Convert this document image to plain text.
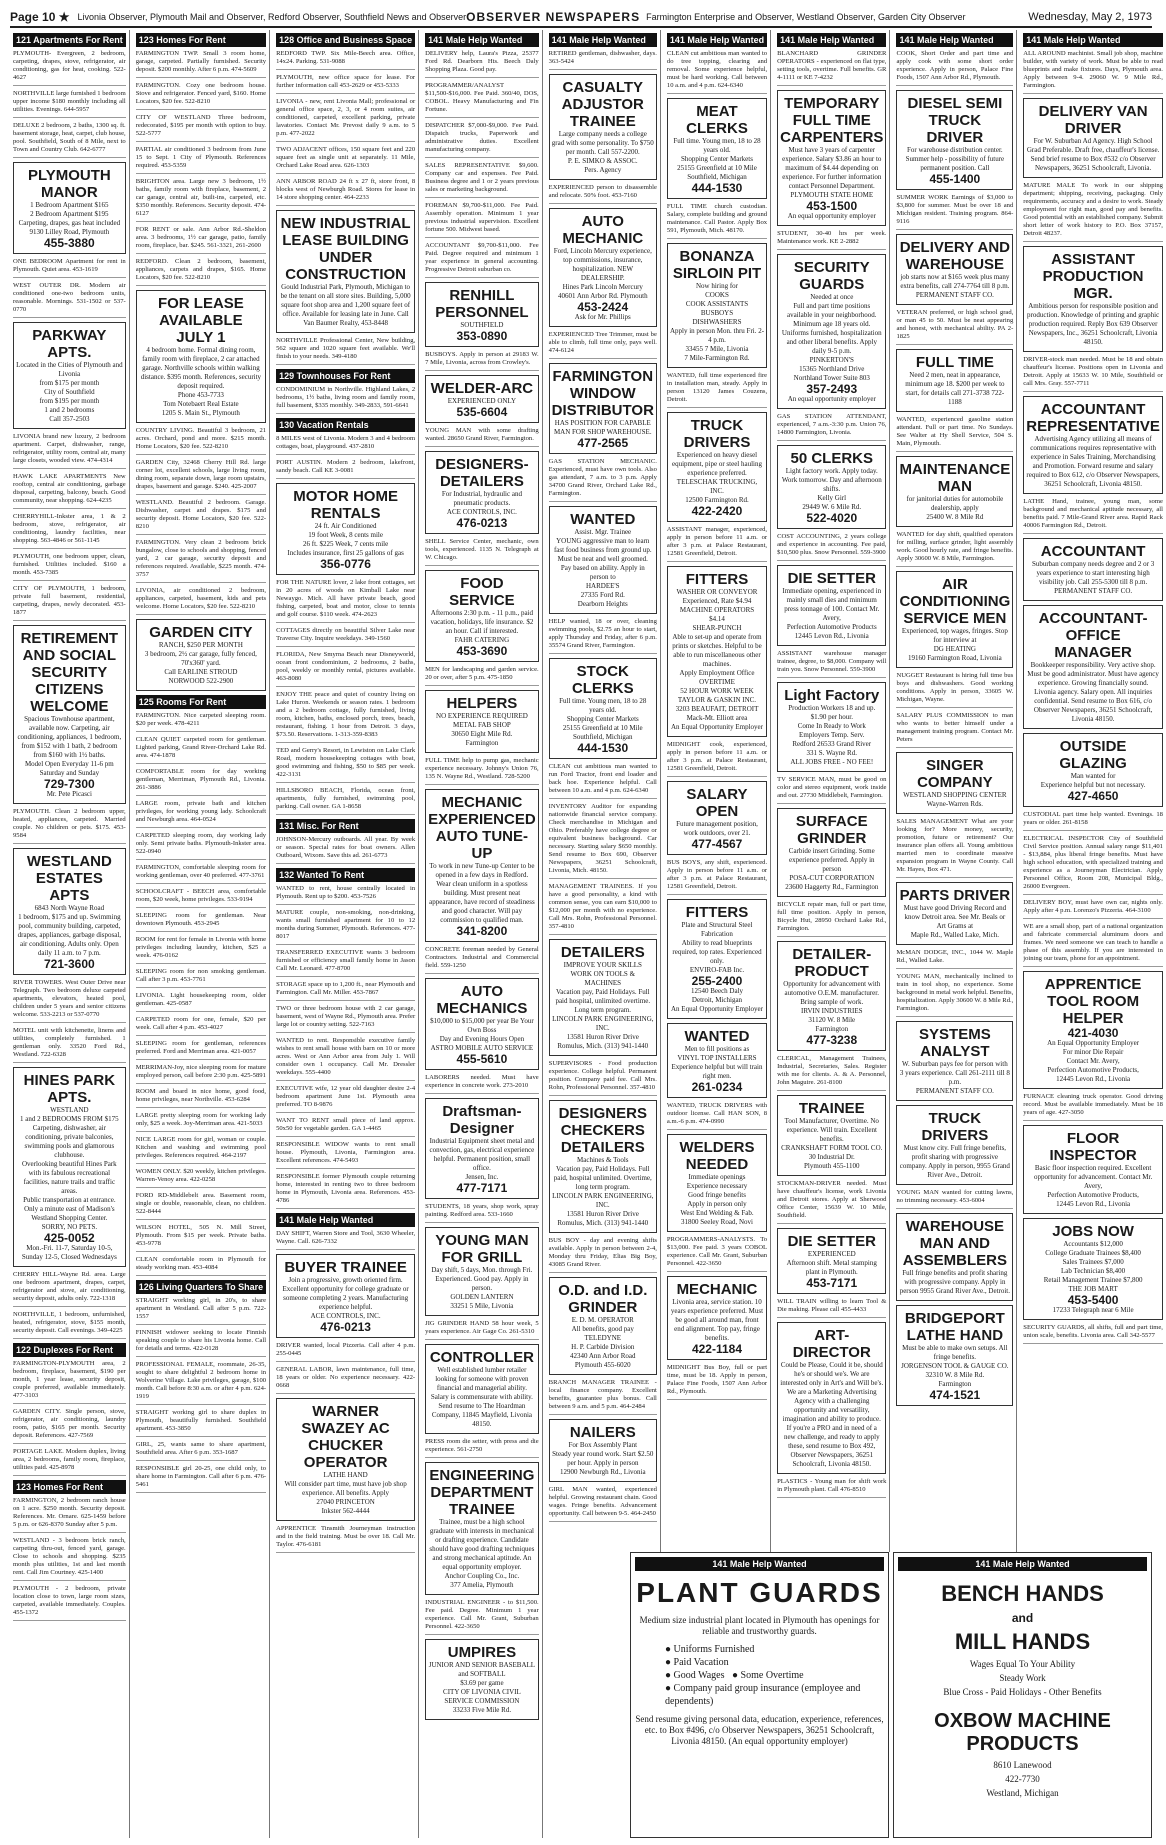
Page 10 ★ Livonia Observer, Plymouth Mail and Observer, Redford Observer, Southfield News and Observer OBSERVER NEWSPAPERS Farmington Enterprise and Observer, Westland Observer, Garden City Observer	Wednesday, May 2, 1973
121 Apartments For Rent
PLYMOUTH- Evergreen, 2 bedroom, carpeting, drapes, stove, refrigerator, air conditioning, gas for heat, cooking. 522-4627
NORTHVILLE large furnished 1 bedroom upper income $180 monthly including all utilities. Evenings. 644-5957
DELUXE 2 bedroom, 2 baths, 1300 sq. ft. basement storage, heat, carpet, club house, pool. Southfield, South of 8 Mile, next to Town and Country Club. 642-6777
PLYMOUTH MANOR
1 Bedroom Apartment $165
2 Bedroom Apartment $195
Carpeting, drapes, gas heat included
9130 Lilley Road, Plymouth
455-3880
ONE BEDROOM Apartment for rent in Plymouth. Quiet area. 453-1619
WEST OUTER DR. Modern air conditioned one-two bedroom units, reasonable. Mornings. 531-1502 or 537-0770
PARKWAY APTS.
Located in the Cities of Plymouth and Livonia
from $175 per month
City of Southfield
from $195 per month
1 and 2 bedrooms
Call 357-2503
LIVONIA brand new luxury, 2 bedroom apartment. Carpet, dishwasher, range, refrigerator, utility room, central air, many large closets, wooded view. 474-4314
HAWK LAKE APARTMENTS New rooftop, central air conditioning, garbage disposal, carpeting, balcony, beach. Good community, near shopping. 624-4235
CHERRYHILL-Inkster area, 1 & 2 bedroom, stove, refrigerator, air conditioning, laundry facilities, near shopping. 563-4846 or 561-1145
PLYMOUTH, one bedroom upper, clean, furnished. Utilities included. $160 a month. 453-7385
CITY OF PLYMOUTH, 1 bedroom, private full basement, residential, carpeting, drapes, newly decorated. 453-1877
RETIREMENT AND SOCIAL SECURITY CITIZENS WELCOME
Spacious Townhouse apartment, available now. Carpeting, air conditioning, appliances, 1 bedroom, from $152 with 1 bath, 2 bedroom from $160 with 1½ baths.
Model Open Everyday 11-6 pm
Saturday and Sunday
729-7300
Mr. Pete Picasci
PLYMOUTH. Clean 2 bedroom upper, heated, appliances, carpeted. Married couple. No children or pets. $175. 453-9584
WESTLAND ESTATES APTS
6843 North Wayne Road
1 bedroom, $175 and up. Swimming pool, community building, carpeted, drapes, appliances, garbage disposal, air conditioning. Adults only. Open daily 11 a.m. to 7 p.m.
721-3600
RIVER TOWERS. West Outer Drive near Telegraph. Two bedroom deluxe carpeted apartments, elevators, heated pool, children under 5 years and senior citizens welcome. 533-2213 or 537-0770
MOTEL unit with kitchenette, linens and utilities, completely furnished. 1 gentleman only. 33520 Ford Rd., Westland. 722-6328
HINES PARK APTS.
WESTLAND
1 and 2 BEDROOMS FROM $175
Carpeting, dishwasher, air conditioning, private balconies, swimming pools and glamorous clubhouse.
Overlooking beautiful Hines Park with its fabulous recreational facilities, nature trails and traffic areas.
Public transportation at entrance. Only a minute east of Madison's Westland Shopping Center.
SORRY, NO PETS.
425-0052
Mon.-Fri. 11-7, Saturday 10-5, Sunday 12-5, Closed Wednesdays
CHERRY HILL-Wayne Rd. area. Large one bedroom apartment, drapes, carpet, refrigerator and stove, air conditioning, security deposit, adults only. 722-1318
NORTHVILLE, 1 bedroom, unfurnished, heated, refrigerator, stove, $155 month, security deposit. Call evenings. 349-4225
122 Duplexes For Rent
FARMINGTON-PLYMOUTH area, 2 bedroom, fireplace, basement, $190 per month, 1 year lease, security deposit, couple preferred, available immediately. 477-3103
GARDEN CITY. Single person, stove, refrigerator, air conditioning, laundry room, patio, $165 per month. Security deposit. References. 427-7569
PORTAGE LAKE. Modern duplex, living area, 2 bedrooms, family room, fireplace, utilities paid. 425-8978
123 Homes For Rent
FARMINGTON, 2 bedroom ranch house on 1 acre. $250 month. Security deposit. References. Mr. Ornare. 625-1459 before 5 p.m. or 626-8370 Sunday after 5 p.m.
WESTLAND - 3 bedroom brick ranch, carpeting thru-out, fenced yard, garage. Close to schools and shopping. $235 month plus utilities, 1st and last month rent. Call Jim Courtney. 425-1400
PLYMOUTH - 2 bedroom, private location close to town, large room sizes, carpeted, available immediately. Couples. 455-1372
123 Homes For Rent
FARMINGTON TWP. Small 3 room home, garage, carpeted. Partially furnished. Security deposit. $200 monthly. After 6 p.m. 474-5609
FARMINGTON. Cozy one bedroom house. Stove and refrigerator. Fenced yard, $160. Home Locators, $20 fee. 522-8210
CITY OF WESTLAND Three bedroom, redecorated, $195 per month with option to buy. 522-5777
PARTIAL air conditioned 3 bedroom from June 15 to Sept. 1 City of Plymouth. References required. 453-5359
BRIGHTON area. Large new 3 bedroom, 1½ baths, family room with fireplace, basement, 2 car garage, central air, built-ins, carpeted, etc. $350 monthly. References. Security deposit. 474-6127
FOR RENT or sale. Ann Arbor Rd.-Sheldon area. 3 bedrooms, 1½ car garage, patio, family room, fireplace, bar. $245. 561-3321, 261-2600
REDFORD. Clean 2 bedroom, basement, appliances, carpets and drapes, $165. Home Locators, $20 fee. 522-8210
FOR LEASE AVAILABLE JULY 1
4 bedroom home. Formal dining room, family room with fireplace, 2 car attached garage. Northville schools within walking distance. $395 month. References, security deposit required.
Phone 453-7733
Tom Notebaert Real Estate
1205 S. Main St., Plymouth
COUNTRY LIVING. Beautiful 3 bedroom, 21 acres. Orchard, pond and more. $215 month. Home Locators, $20 fee. 522-8210
GARDEN City, 32468 Cherry Hill Rd. large corner lot, excellent schools, large living room, dining room, separate down, large room upstairs, drapes, basement and garage. $240. 425-2007
WESTLAND. Beautiful 2 bedroom. Garage. Dishwasher, carpet and drapes. $175 and security deposit. Home Locators, $20 fee. 522-8210
FARMINGTON. Very clean 2 bedroom brick bungalow, close to schools and shopping, fenced yard, 2 car garage, security deposit and references required. Available, $225 month. 474-3757
LIVONIA, air conditioned 2 bedroom, appliances, carpeted, basement, kids and pets welcome. Home Locators, $20 fee. 522-8210
GARDEN CITY
RANCH, $250 PER MONTH
3 bedroom, 2½ car garage, fully fenced, 70'x360' yard.
Call EARLINE STROUD
NORWOOD 522-2900
125 Rooms For Rent
FARMINGTON. Nice carpeted sleeping room. $20 per week. 478-4211
CLEAN QUIET carpeted room for gentleman. Lighted parking, Grand River-Orchard Lake Rd. area. 474-1878
COMFORTABLE room for day working gentleman, Merriman, Plymouth Rd., Livonia. 261-3886
LARGE room, private bath and kitchen privileges, for working young lady. Schoolcraft and Newburgh area. 464-0524
CARPETED sleeping room, day working lady only. Semi private baths. Plymouth-Inkster area. 522-0940
FARMINGTON, comfortable sleeping room for working gentleman, over 40 preferred. 477-3761
SCHOOLCRAFT - BEECH area, comfortable room, $20 week, home privileges. 533-9194
SLEEPING room for gentleman. Near downtown Plymouth. 453-2945
ROOM for rent for female in Livonia with home privileges including laundry, kitchen, $25 a week. 476-0162
SLEEPING room for non smoking gentleman. Call after 3 p.m. 453-7761
LIVONIA. Light housekeeping room, older gentleman. 425-0587
CARPETED room for one, female, $20 per week. Call after 4 p.m. 453-4027
SLEEPING room for gentleman, references preferred. Ford and Merriman area. 421-0057
MERRIMAN-Joy, nice sleeping room for mature employed person, call before 2:30 p.m. 425-5891
ROOM and board in nice home, good food, home privileges, near Northville. 453-6284
LARGE pretty sleeping room for working lady only, $25 a week. Joy-Merriman area. 421-5033
NICE LARGE room for girl, woman or couple. Kitchen and washing and swimming pool privileges. References required. 464-2197
WOMEN ONLY. $20 weekly, kitchen privileges. Warren-Venoy area. 422-0258
FORD RD-Middlebelt area. Basement room, single or double, reasonable, clean, no children. 522-8444
WILSON HOTEL, 505 N. Mill Street, Plymouth. From $15 per week. Private baths. 453-9778
CLEAN comfortable room in Plymouth for steady working man. 453-4084
126 Living Quarters To Share
STRAIGHT working girl, in 20's, to share apartment in Westland. Call after 5 p.m. 722-1557
FINNISH widower seeking to locate Finnish speaking couple to share his Livonia home. Call for details and terms. 422-0128
PROFESSIONAL FEMALE, roommate, 26-35, sought to share delightful 2 bedroom home in Wolverine Village. Lake privileges, garage, $100 month. Call before 8:30 a.m. or after 4 p.m. 624-1919
STRAIGHT working girl to share duplex in Plymouth, beautifully furnished. Southfield apartment. 453-3850
GIRL, 25, wants same to share apartment, Southfield area. After 6 p.m. 353-1687
RESPONSIBLE girl 20-25, one child only, to share home in Farmington. Call after 6 p.m. 476-5461
128 Office and Business Space
REDFORD TWP. Six Mile-Beech area. Office, 14x24. Parking. 531-9088
PLYMOUTH, new office space for lease. For further information call 453-2629 or 453-5333
LIVONIA - new, rent Livonia Mall; professional or general office space, 2, 3, or 4 room suites, air conditioned, carpeted, excellent parking, private lavatories. Contact Mr. Prevost daily 9 a.m. to 5 p.m. 477-2022
TWO ADJACENT offices, 150 square feet and 220 square feet as single unit at separately. 11 Mile, Orchard Lake Road area. 626-1303
ANN ARBOR ROAD 24 ft x 27 ft, store front, 8 blocks west of Newburgh Road. Stores for lease in 14 store shopping center. 464-2233
NEW INDUSTRIAL LEASE BUILDING UNDER CONSTRUCTION
Gould Industrial Park, Plymouth, Michigan to be the tenant on all store sites. Building, 5,000 square foot shop area and 1,200 square feet of office. Available for leasing late in June. Call Van Baumer Realty, 453-8448
NORTHVILLE Professional Center, New building, 562 square and 1020 square feet available. We'll finish to your needs. 349-4180
129 Townhouses For Rent
CONDOMINIUM in Northville. Highland Lakes, 2 bedrooms, 1½ baths, living room and family room, full basement, $335 monthly. 349-2833, 591-6641
130 Vacation Rentals
8 MILES west of Livonia. Modern 3 and 4 bedroom cottages, boat, playground. 437-2810
PORT AUSTIN. Modern 2 bedroom, lakefront, sandy beach. Call KE 3-0081
MOTOR HOME RENTALS
24 ft. Air Conditioned
19 foot Week, 8 cents mile
26 ft. $225 Week, 7 cents mile
Includes insurance, first 25 gallons of gas
356-0776
FOR THE NATURE lover, 2 lake front cottages, set in 20 acres of woods on Kimball Lake near Newaygo. Mich. All have private beach, good fishing, carpeted, boat and motor, close to tennis and golf course. $110 week. 474-2623
COTTAGES directly on beautiful Silver Lake near Traverse City. Inquire weekdays. 349-1560
FLORIDA, New Smyrna Beach near Disneyworld, ocean front condominium, 2 bedrooms, 2 baths, pool, weekly or monthly rental, pictures available. 463-8080
ENJOY THE peace and quiet of country living on Lake Huron. Weekends or season rates. 1 bedroom and a 2 bedroom cottage, fully furnished, living room, kitchen, baths, enclosed porch, trees, beach, restaurant, fishing. 1 hour from Detroit. 3 days, $73.50. Reservations. 1-313-359-8383
TED and Gerry's Resort, in Lewiston on Lake Clark Road, modern housekeeping cottages with boat, good swimming and fishing, $50 to $85 per week. 422-3131
HILLSBORO BEACH, Florida, ocean front, apartments, fully furnished, swimming pool, parking. Call owner. GA 1-8658
131 Misc. For Rent
JOHNSON-Mercury outboards. All year. By week or season. Special rates for boat owners. Allen Outboard, Wixom. Save this ad. 261-6773
132 Wanted To Rent
WANTED to rent, house centrally located in Plymouth. Rent up to $200. 453-7526
MATURE couple, non-smoking, non-drinking, wants small furnished apartment for 10 to 12 months during Summer, Plymouth. References. 477-8017
TRANSFERRED EXECUTIVE wants 3 bedroom furnished or efficiency small family home in Jason Call Mr. Leonard. 477-8700
STORAGE space up to 1,200 ft., near Plymouth and Farmington. Call Mr. Miller. 453-7867
TWO or three bedroom house with 2 car garage, basement, west of Wayne Rd., Plymouth area. Prefer large lot or country setting. 522-7163
WANTED to rent. Responsible executive family wishes to rent small house with barn on 10 or more acres. West or Ann Arbor area from July 1. Will consider own 1 occupancy. Call Mr. Dressler weekdays. 555-4400
EXECUTIVE wife, 12 year old daughter desire 2-4 bedroom apartment June 1st. Plymouth area preferred. TO 8-9876
WANT TO RENT small piece of land approx. 50x50 for vegetable garden. GA 1-4465
RESPONSIBLE WIDOW wants to rent small house. Plymouth, Livonia, Farmington area. Excellent references. 474-5493
RESPONSIBLE former Plymouth couple returning home, interested in renting two to three bedroom home in Plymouth, Livonia area. References. 453-4786
141 Male Help Wanted
DAY SHIFT, Warren Store and Tool, 3630 Wheeler, Wayne. Call. 626-7332
BUYER TRAINEE
Join a progressive, growth oriented firm. Excellent opportunity for college graduate or someone completing 2 years. Manufacturing experience helpful.
ACE CONTROLS, INC.
476-0213
DRIVER wanted, local Pizzeria. Call after 4 p.m. 255-0445
GENERAL LABOR, lawn maintenance, full time, 18 years or older. No experience necessary. 422-0668
WARNER SWAZEY AC CHUCKER OPERATOR
LATHE HAND
Will consider part time, must have job shop experience. All benefits. Apply
27040 PRINCETON
Inkster 562-4444
APPRENTICE Tinsmith Journeyman instruction and in the field training. Must be over 18. Call Mr. Taylor. 476-6181
141 Male Help Wanted
DELIVERY help, Laura's Pizza, 25377 Ford Rd. Dearborn Hts. Beech Daly Shopping Plaza. Good pay.
PROGRAMMER/ANALYST $11,500-$16,000. Fee Paid. 360/40, DOS, COBOL. Heavy Manufacturing and Fin Fortune.
DISPATCHER $7,000-$9,000. Fee Paid. Dispatch trucks, Paperwork and administrative duties. Excellent manufacturing company.
SALES REPRESENTATIVE $9,600. Company car and expenses. Fee Paid. Business degree and 1 or 2 years previous sales or marketing background.
FOREMAN $9,700-$11,000. Fee Paid. Assembly operation. Minimum 1 year previous industrial supervision. Excellent fortune 500. Midwest based.
ACCOUNTANT $9,700-$11,000. Fee Paid. Degree required and minimum 1 year experience in general accounting. Progressive Detroit suburban co.
RENHILL PERSONNEL
SOUTHFIELD
353-0890
BUSBOYS. Apply in person at 29183 W. 7 Mile, Livonia, across from Crowley's.
WELDER-ARC
EXPERIENCED ONLY
535-6604
YOUNG MAN with some drafting wanted. 28650 Grand River, Farmington.
DESIGNERS-DETAILERS
For Industrial, hydraulic and pneumatic products.
ACE CONTROLS, INC.
476-0213
SHELL Service Center, mechanic, own tools, experienced. 1135 N. Telegraph at W. Chicago.
FOOD SERVICE
Afternoons 2:30 p.m. - 11 p.m., paid vacation, holidays, life insurance. $2 an hour. Call if interested.
FAHR CATERING
453-3690
MEN for landscaping and garden service. 20 or over, after 5 p.m. 475-1850
HELPERS
NO EXPERIENCE REQUIRED
METAL FAB SHOP
30650 Eight Mile Rd.
Farmington
FULL TIME help to pump gas, mechanic experience necessary. Johnny's Union 76, 135 N. Wayne Rd., Westland. 728-5200
MECHANIC EXPERIENCED AUTO TUNE-UP
To work in new Tune-up Center to be opened in a few days in Redford. Wear clean uniform in a spotless building. Must present neat appearance, have record of steadiness and good character. Will pay commission to qualified man.
341-8200
CONCRETE foreman needed by General Contractors. Industrial and Commercial field. 559-1250
AUTO MECHANICS
$10,000 to $15,000 per year Be Your Own Boss
Day and Evening Hours Open
ASTRO MOBILE AUTO SERVICE
455-5610
LABORERS needed. Must have experience in concrete work. 273-2010
Draftsman-Designer
Industrial Equipment sheet metal and convection, gas, electrical experience helpful. Permanent position, small office.
Jensen, Inc.
477-7171
STUDENTS, 18 years, shop work, spray painting. Redford area. 533-1660
YOUNG MAN FOR GRILL
Day shift, 5 days, Mon. through Fri. Experienced. Good pay. Apply in person.
GOLDEN LANTERN
33251 5 Mile, Livonia
JIG GRINDER HAND 58 hour week, 5 years experience. Air Gage Co. 261-5310
CONTROLLER
Well established lumber retailer looking for someone with proven financial and managerial ability. Salary is commensurate with ability. Send resume to The Hoardman Company, 11845 Mayfield, Livonia 48150.
PRESS room die setter, with press and die experience. 561-2750
ENGINEERING DEPARTMENT TRAINEE
Trainee, must be a high school graduate with interests in mechanical or drafting experience. Candidate should have good drafting techniques and strong mechanical aptitude. An equal opportunity employer.
Anchor Coupling Co., Inc.
377 Amelia, Plymouth
INDUSTRIAL ENGINEER - to $11,500. Fee paid. Degree. Minimum 1 year experience. Call Mr. Grant, Suburban Personnel. 422-3650
UMPIRES
JUNIOR AND SENIOR BASEBALL and SOFTBALL
$3.69 per game
CITY OF LIVONIA CIVIL SERVICE COMMISSION
33233 Five Mile Rd.
141 Male Help Wanted
RETIRED gentleman, dishwasher, days. 363-5424
CASUALTY ADJUSTOR TRAINEE
Large company needs a college grad with some personality. To $750 per month. Call 557-2200.
P. E. SIMKO & ASSOC.
Pers. Agency
EXPERIENCED person to disassemble and relocate. 50% foot. 453-7160
AUTO MECHANIC
Ford, Lincoln Mercury experience, top commissions, insurance, hospitalization. NEW DEALERSHIP.
Hines Park Lincoln Mercury
40601 Ann Arbor Rd. Plymouth
453-2424
Ask for Mr. Phillips
EXPERIENCED Tree Trimmer, must be able to climb, full time only, pays well. 474-6124
FARMINGTON WINDOW DISTRIBUTOR
HAS POSITION FOR CAPABLE MAN FOR SHOP WAREHOUSE.
477-2565
GAS STATION MECHANIC. Experienced, must have own tools. Also gas attendant, 7 a.m. to 3 p.m. Apply 34700 Grand River, Orchard Lake Rd., Farmington.
WANTED
Assist. Mgr. Trainee
YOUNG aggressive man to learn fast food business from ground up. Must be neat and well groomed. Pay based on ability. Apply in person to
HARDEE'S
27335 Ford Rd.
Dearborn Heights
HELP wanted, 18 or over, cleaning swimming pools, $2.75 an hour to start, apply Thursday and Friday, after 6 p.m. 35574 Grand River, Farmington.
STOCK CLERKS
Full time. Young men, 18 to 28 years old.
Shopping Center Markets
25155 Greenfield at 10 Mile
Southfield, Michigan
444-1530
CLEAN cut ambitious man wanted to run Ford Tractor, front end loader and back hoe. Experience helpful. Call between 10 a.m. and 4 p.m. 624-6340
INVENTORY Auditor for expanding nationwide financial service company. Check merchandise in Michigan and Ohio. Preferably have college degree or equivalent business background. Car necessary. Starting salary $650 monthly. Send resume to Box 690, Observer Newspapers, 36251 Schoolcraft, Livonia, Mich. 48150.
MANAGEMENT TRAINEES. If you have a good personality, a kind with common sense, you can earn $10,000 to $12,000 per month with no experience. Call Mrs. Rohn, Professional Personnel. 357-4810
DETAILERS
IMPROVE YOUR SKILLS
WORK ON TOOLS & MACHINES
Vacation pay, Paid Holidays. Full paid hospital, unlimited overtime. Long term program.
LINCOLN PARK ENGINEERING, INC.
13581 Huron River Drive
Romulus, Mich. (313) 941-1440
SUPERVISORS - Food production experience. College helpful. Permanent position. Company paid fee. Call Mrs. Rohn, Professional Personnel. 357-4810
DESIGNERS CHECKERS DETAILERS
Machines & Tools
Vacation pay, Paid Holidays. Full paid, hospital unlimited. Overtime, long term program.
LINCOLN PARK ENGINEERING, INC.
13581 Huron River Drive
Romulus, Mich. (313) 941-1440
BUS BOY - day and evening shifts available. Apply in person between 2-4, Monday thru Friday, Elias Big Boy, 43085 Grand River.
O.D. and I.D. GRINDER
E. D. M. OPERATOR
All benefits, good pay
TELEDYNE
H. P. Carbide Division
42340 Ann Arbor Road
Plymouth 455-6020
BRANCH MANAGER TRAINEE - local finance company. Excellent benefits, guarantee plus bonus. Call between 9 a.m. and 5 p.m. 464-2484
NAILERS
For Box Assembly Plant
Steady year round work. Start $2.50 per hour. Apply in person
12900 Newburgh Rd., Livonia
GIRL MAN wanted, experienced helpful. Growing restaurant chain. Good wages. Fringe benefits. Advancement opportunity. Call between 9-5. 464-2450
141 Male Help Wanted
CLEAN cut ambitious man wanted to do tree topping, clearing and removal. Some experience helpful, must be hard working. Call between 10 a.m. and 4 p.m. 624-6340
MEAT CLERKS
Full time. Young men, 18 to 28 years old.
Shopping Center Markets
25155 Greenfield at 10 Mile
Southfield, Michigan
444-1530
FULL TIME church custodian. Salary, complete building and ground maintenance. Call Pastor. Apply Box 591, Plymouth, Mich. 48170.
BONANZA SIRLOIN PIT
Now hiring for
COOKS
COOK ASSISTANTS
BUSBOYS
DISHWASHERS
Apply in person Mon. thru Fri. 2-4 p.m.
33455 7 Mile, Livonia
7 Mile-Farmington Rd.
WANTED, full time experienced fire in installation man, steady. Apply in person 13120 James Couzens, Detroit.
TRUCK DRIVERS
Experienced on heavy diesel equipment, pipe or steel hauling experience preferred.
TELESCHAK TRUCKING, INC.
12500 Farmington Rd.
422-2420
ASSISTANT manager, experienced, apply in person before 11 a.m. or after 3 p.m. at Palace Restaurant, 12581 Greenfield, Detroit.
FITTERS
WASHER OR CONVEYOR
Experienced, Rate $4.94
MACHINE OPERATORS
$4.14
SHEAR-PUNCH
Able to set-up and operate from prints or sketches. Helpful to be able to run miscellaneous other machines.
Apply Employment Office
OVERTIME
52 HOUR WORK WEEK
TAYLOR & GASKIN INC.
3203 BEAUFAIT, DETROIT
Mack-Mt. Elliott area
An Equal Opportunity Employer
MIDNIGHT cook, experienced, apply in person before 11 a.m. or after 3 p.m. at Palace Restaurant, 12581 Greenfield, Detroit.
SALARY OPEN
Future management position, work outdoors, over 21.
477-4567
BUS BOYS, any shift, experienced. Apply in person before 11 a.m. or after 3 p.m. at Palace Restaurant, 12581 Greenfield, Detroit.
FITTERS
Plate and Structural Steel Fabrication
Ability to read blueprints required, top rates. Experienced only.
ENVIRO-FAB Inc.
255-2400
12540 Beech Daly
Detroit, Michigan
An Equal Opportunity Employer
WANTED
Men to fill positions as
VINYL TOP INSTALLERS
Experience helpful but will train right men.
261-0234
WANTED, TRUCK DRIVERS with outdoor license. Call HAN SON, 8 a.m.-6 p.m. 474-0990
WELDERS NEEDED
Immediate openings
Experience necessary
Good fringe benefits
Apply in person only
West End Welding & Fab.
31800 Seeley Road, Novi
PROGRAMMERS-ANALYSTS. To $13,000. Fee paid. 3 years COBOL experience. Call Mr. Grant, Suburban Personnel. 422-3650
MECHANIC
Livonia area, service station. 10 years experience preferred. Must be good all around man, front end alignment. Top pay, fringe benefits.
422-1184
MIDNIGHT Bus Boy, full or part time, must be 18. Apply in person, Palace Fine Foods, 1507 Ann Arbor Rd., Plymouth.
141 Male Help Wanted
BLANCHARD GRINDER OPERATORS - experienced on flat type, setting tools, overtime. Full benefits. GR 4-1111 or KE 7-4232
TEMPORARY FULL TIME CARPENTERS
Must have 3 years of carpenter experience. Salary $3.86 an hour to maximum of $4.44 depending on experience. For further information contact Personnel Department.
PLYMOUTH STATE HOME
453-1500
An equal opportunity employer
STUDENT, 30-40 hrs per week. Maintenance work. KE 2-2882
SECURITY GUARDS
Needed at once
Full and part time positions available in your neighborhood. Minimum age 18 years old. Uniforms furnished, hospitalization and other liberal benefits. Apply daily 9-5 p.m.
PINKERTON'S
15365 Northland Drive
Northland Tower Suite 803
357-2493
An equal opportunity employer
GAS STATION ATTENDANT, experienced, 7 a.m.-3:30 p.m. Union 76, 14800 Farmington, Livonia.
50 CLERKS
Light factory work. Apply today. Work tomorrow. Day and afternoon shifts.
Kelly Girl
29449 W. 6 Mile Rd.
522-4020
COST ACCOUNTING, 2 years college and experience in accounting. Fee paid, $10,500 plus. Snow Personnel. 559-3900
DIE SETTER
Immediate opening, experienced in mainly small dies and minimum press tonnage of 100. Contact Mr. Avery,
Perfection Automotive Products
12445 Levon Rd., Livonia
ASSISTANT warehouse manager trainee, degree, to $8,000. Company will train you. Snow Personnel. 559-3900
Light Factory
Production Workers 18 and up. $1.90 per hour.
Come In Ready to Work
Employers Temp. Serv.
Redford 26533 Grand River
331 S. Wayne Rd.
ALL JOBS FREE - NO FEE!
TV SERVICE MAN, must be good on color and stereo equipment, work inside and out. 27730 Middlebelt, Farmington.
SURFACE GRINDER
Carbide insert Grinding. Some experience preferred. Apply in person
POSA-CUT CORPORATION
23600 Haggerty Rd., Farmington
BICYCLE repair man, full or part time, full time position. Apply in person, Bicycle Hut, 28950 Orchard Lake Rd., Farmington.
DETAILER-PRODUCT
Opportunity for advancement with automotive O.E.M. manufacturer. Bring sample of work.
IRVIN INDUSTRIES
31120 W. 8 Mile
Farmington
477-3238
CLERICAL, Management Trainees, Industrial, Secretaries, Sales. Register with me for clients. A. & A. Personnel, John Maguire. 261-8100
TRAINEE
Tool Manufacturer, Overtime. No experience. Will train. Excellent benefits.
CRANKSHAFT FORM TOOL CO.
30 Industrial Dr.
Plymouth 455-1100
STOCKMAN-DRIVER needed. Must have chauffeur's license, work Livonia and Detroit stores. Apply at Sherwood Office Center, 15639 W. 10 Mile, Southfield.
DIE SETTER
EXPERIENCED
Afternoon shift. Metal stamping plant in Plymouth.
453-7171
WILL TRAIN willing to learn Tool & Die making. Please call 455-4433
ART-DIRECTOR
Could be Please, Could it be, should he's or should we's. We are interested only in Art's and Will be's. We are a Marketing Advertising Agency with a challenging opportunity and versatility, imagination and ability to produce. If you're a PRO and in need of a new challenge, and ready to apply these, send resume to Box 492, Observer Newspapers, 36251 Schoolcraft, Livonia 48150.
PLASTICS - Young man for shift work in Plymouth plant. Call 476-8510
141 Male Help Wanted
COOK, Short Order and part time and apply cook with some short order experience. Apply in person, Palace Fine Foods, 1507 Ann Arbor Rd., Plymouth.
DIESEL SEMI TRUCK DRIVER
For warehouse distribution center. Summer help - possibility of future permanent position. Call
455-1400
SUMMER WORK Earnings of $3,000 to $3,800 for summer. Must be over 18 and Michigan resident. Training program. 864-9116
DELIVERY AND WAREHOUSE
job starts now at $165 week plus many extra benefits, call 274-7764 till 8 p.m.
PERMANENT STAFF CO.
VETERAN preferred, or high school grad, or man 45 to 50. Must be neat appearing and honest, with mechanical ability. PA 2-1825
FULL TIME
Need 2 men, neat in appearance, minimum age 18. $200 per week to start, for details call 271-3738 722-1188
WANTED, experienced gasoline station attendant. Full or part time. No Sundays. See Walter at Hy Shell Service, 504 S. Main, Plymouth.
MAINTENANCE MAN
for janitorial duties for automobile dealership, apply
25400 W. 8 Mile Rd
WANTED for day shift, qualified operators for milling, surface grinder, light assembly work. Good hourly rate, and fringe benefits. Apply 30600 W. 8 Mile, Farmington.
AIR CONDITIONING SERVICE MEN
Experienced, top wages, fringes. Stop for interview at
DG HEATING
19160 Farmington Road, Livonia
NUGGET Restaurant is hiring full time bus boys and dishwashers. Good working conditions. Apply in person, 33605 W. Michigan, Wayne.
SALARY PLUS COMMISSION to man who wants to better himself under a management training program. Contact Mr. Peters
SINGER COMPANY
WESTLAND SHOPPING CENTER
Wayne-Warren Rds.
SALES MANAGEMENT What are your looking for? More money, security, promotion, future or retirement? Our insurance plan offers all. Young ambitious married men to coordinate massive expansion program in Wayne County. Call Mr. Hayes, Box 471.
PARTS DRIVER
Must have good Driving Record and know Detroit area. See Mr. Beals or Art Grams at
Maple Rd., Walled Lake, Mich.
McMAN DODGE, INC., 1044 W. Maple Rd., Walled Lake.
YOUNG MAN, mechanically inclined to train in tool shop, no experience. Some background in metal work helpful. Benefits, hospitalization. Apply 30600 W. 8 Mile Rd., Farmington.
SYSTEMS ANALYST
W. Suburban pays fee for person with 3 years experience. Call 261-2111 till 8 p.m.
PERMANENT STAFF CO.
TRUCK DRIVERS
Must know city. Full fringe benefits, profit sharing with progressive company. Apply in person, 9955 Grand River Ave., Detroit.
YOUNG MAN wanted for cutting lawns, no trimming necessary. 453-6004
WAREHOUSE MAN AND ASSEMBLERS
Full fringe benefits and profit sharing with progressive company. Apply in person 9955 Grand River Ave., Detroit.
BRIDGEPORT LATHE HAND
Must be able to make own setups. All fringe benefits.
JORGENSON TOOL & GAUGE CO.
32310 W. 8 Mile Rd.
Farmington
474-1521
141 Male Help Wanted
ALL AROUND machinist. Small job shop, machine builder, with variety of work. Must be able to read blueprints and make fixtures. Days, Plymouth area. Apply between 9-4. 29060 W. 9 Mile Rd., Farmington.
DELIVERY VAN DRIVER
For W. Suburban Ad Agency. High School Grad Preferable. Draft free, chauffeur's license. Send brief resume to Box #532 c/o Observer Newspapers, 36251 Schoolcraft, Livonia.
MATURE MALE To work in our shipping department; shipping, receiving, packaging. Only requirements, accuracy and a desire to work. Steady employment for right man, good pay and benefits. Good potential with an established company. Submit short letter of work history to P.O. Box 37157, Detroit 48237.
ASSISTANT PRODUCTION MGR.
Ambitious person for responsible position and production. Knowledge of printing and graphic production required. Reply Box 639 Observer Newspapers, Inc., 36251 Schoolcraft, Livonia 48150.
DRIVER-stock man needed. Must be 18 and obtain chauffeur's license. Positions open in Livonia and Detroit. Apply at 15633 W. 10 Mile, Southfield or call Mrs. Gray. 557-7711
ACCOUNTANT REPRESENTATIVE
Advertising Agency utilizing all means of communications requires representative with experience in Sales Training, Merchandising and Promotion. Forward resume and salary required to Box 612, c/o Observer Newspapers, 36251 Schoolcraft, Livonia 48150.
LATHE Hand, trainee, young man, some background and mechanical aptitude necessary, all benefits paid. 7 Mile-Grand River area. Rapid Rack 40006 Farmington Rd., Detroit.
ACCOUNTANT
Suburban company needs degree and 2 or 3 years experience to start interesting high visibility job. Call 255-5300 till 8 p.m.
PERMANENT STAFF CO.
ACCOUNTANT-OFFICE MANAGER
Bookkeeper responsibility. Very active shop. Must be good administrator. Must have agency experience. Growing financially sound. Livonia agency. Salary open. All inquiries confidential. Send resume to Box 616, c/o Observer Newspapers, 36251 Schoolcraft, Livonia 48150.
OUTSIDE GLAZING
Man wanted for
Experience helpful but not necessary.
427-4650
CUSTODIAL part time help wanted. Evenings. 18 years or older. 261-8158
ELECTRICAL INSPECTOR City of Southfield Civil Service position. Annual salary range $11,401 - $13,884, plus liberal fringe benefits. Must have high school education, with specialized training and experience as a Journeyman Electrician. Apply Personnel Office, Room 208, Municipal Bldg., 26000 Evergreen.
DELIVERY BOY, must have own car, nights only. Apply after 4 p.m. Lorenzo's Pizzeria. 464-3100
WE are a small shop, part of a national organization and fabricate commercial aluminum doors and frames. We need someone we can teach to handle a phase of this assembly. If you are interested in joining our team, phone for an appointment.
APPRENTICE TOOL ROOM HELPER
421-4030
An Equal Opportunity Employer
For minor Die Repair
Contact Mr. Avery,
Perfection Automotive Products,
12445 Levon Rd., Livonia
FURNACE cleaning truck operator. Good driving record. Must be available immediately. Must be 18 years of age. 427-3050
FLOOR INSPECTOR
Basic floor inspection required. Excellent opportunity for advancement. Contact Mr. Avery,
Perfection Automotive Products,
12445 Levon Rd., Livonia
JOBS NOW
Accountants $12,000
College Graduate Trainees $8,400
Sales Trainees $7,000
Lab Technician $8,400
Retail Management Trainee $7,800
THE JOB MART
453-5400
17233 Telegraph near 6 Mile
SECURITY GUARDS, all shifts, full and part time, union scale, benefits. Livonia area. Call 342-5577
141 Male Help Wanted
PLANT GUARDS

Medium size industrial plant located in Plymouth has openings for reliable and trustworthy guards.

● Uniforms Furnished
● Paid Vacation
● Good Wages   ● Some Overtime
● Company paid group insurance (employee and dependents)

Send resume giving personal data, education, experience, references, etc. to Box #496, c/o Observer Newspapers, 36251 Schoolcraft, Livonia 48150. (An equal opportunity employer)

141 Male Help Wanted
BENCH HANDS
and
MILL HANDS

Wages Equal To Your Ability

Steady Work

Blue Cross - Paid Holidays - Other Benefits

OXBOW MACHINE PRODUCTS

8610 Lanewood

422-7730

Westland, Michigan
